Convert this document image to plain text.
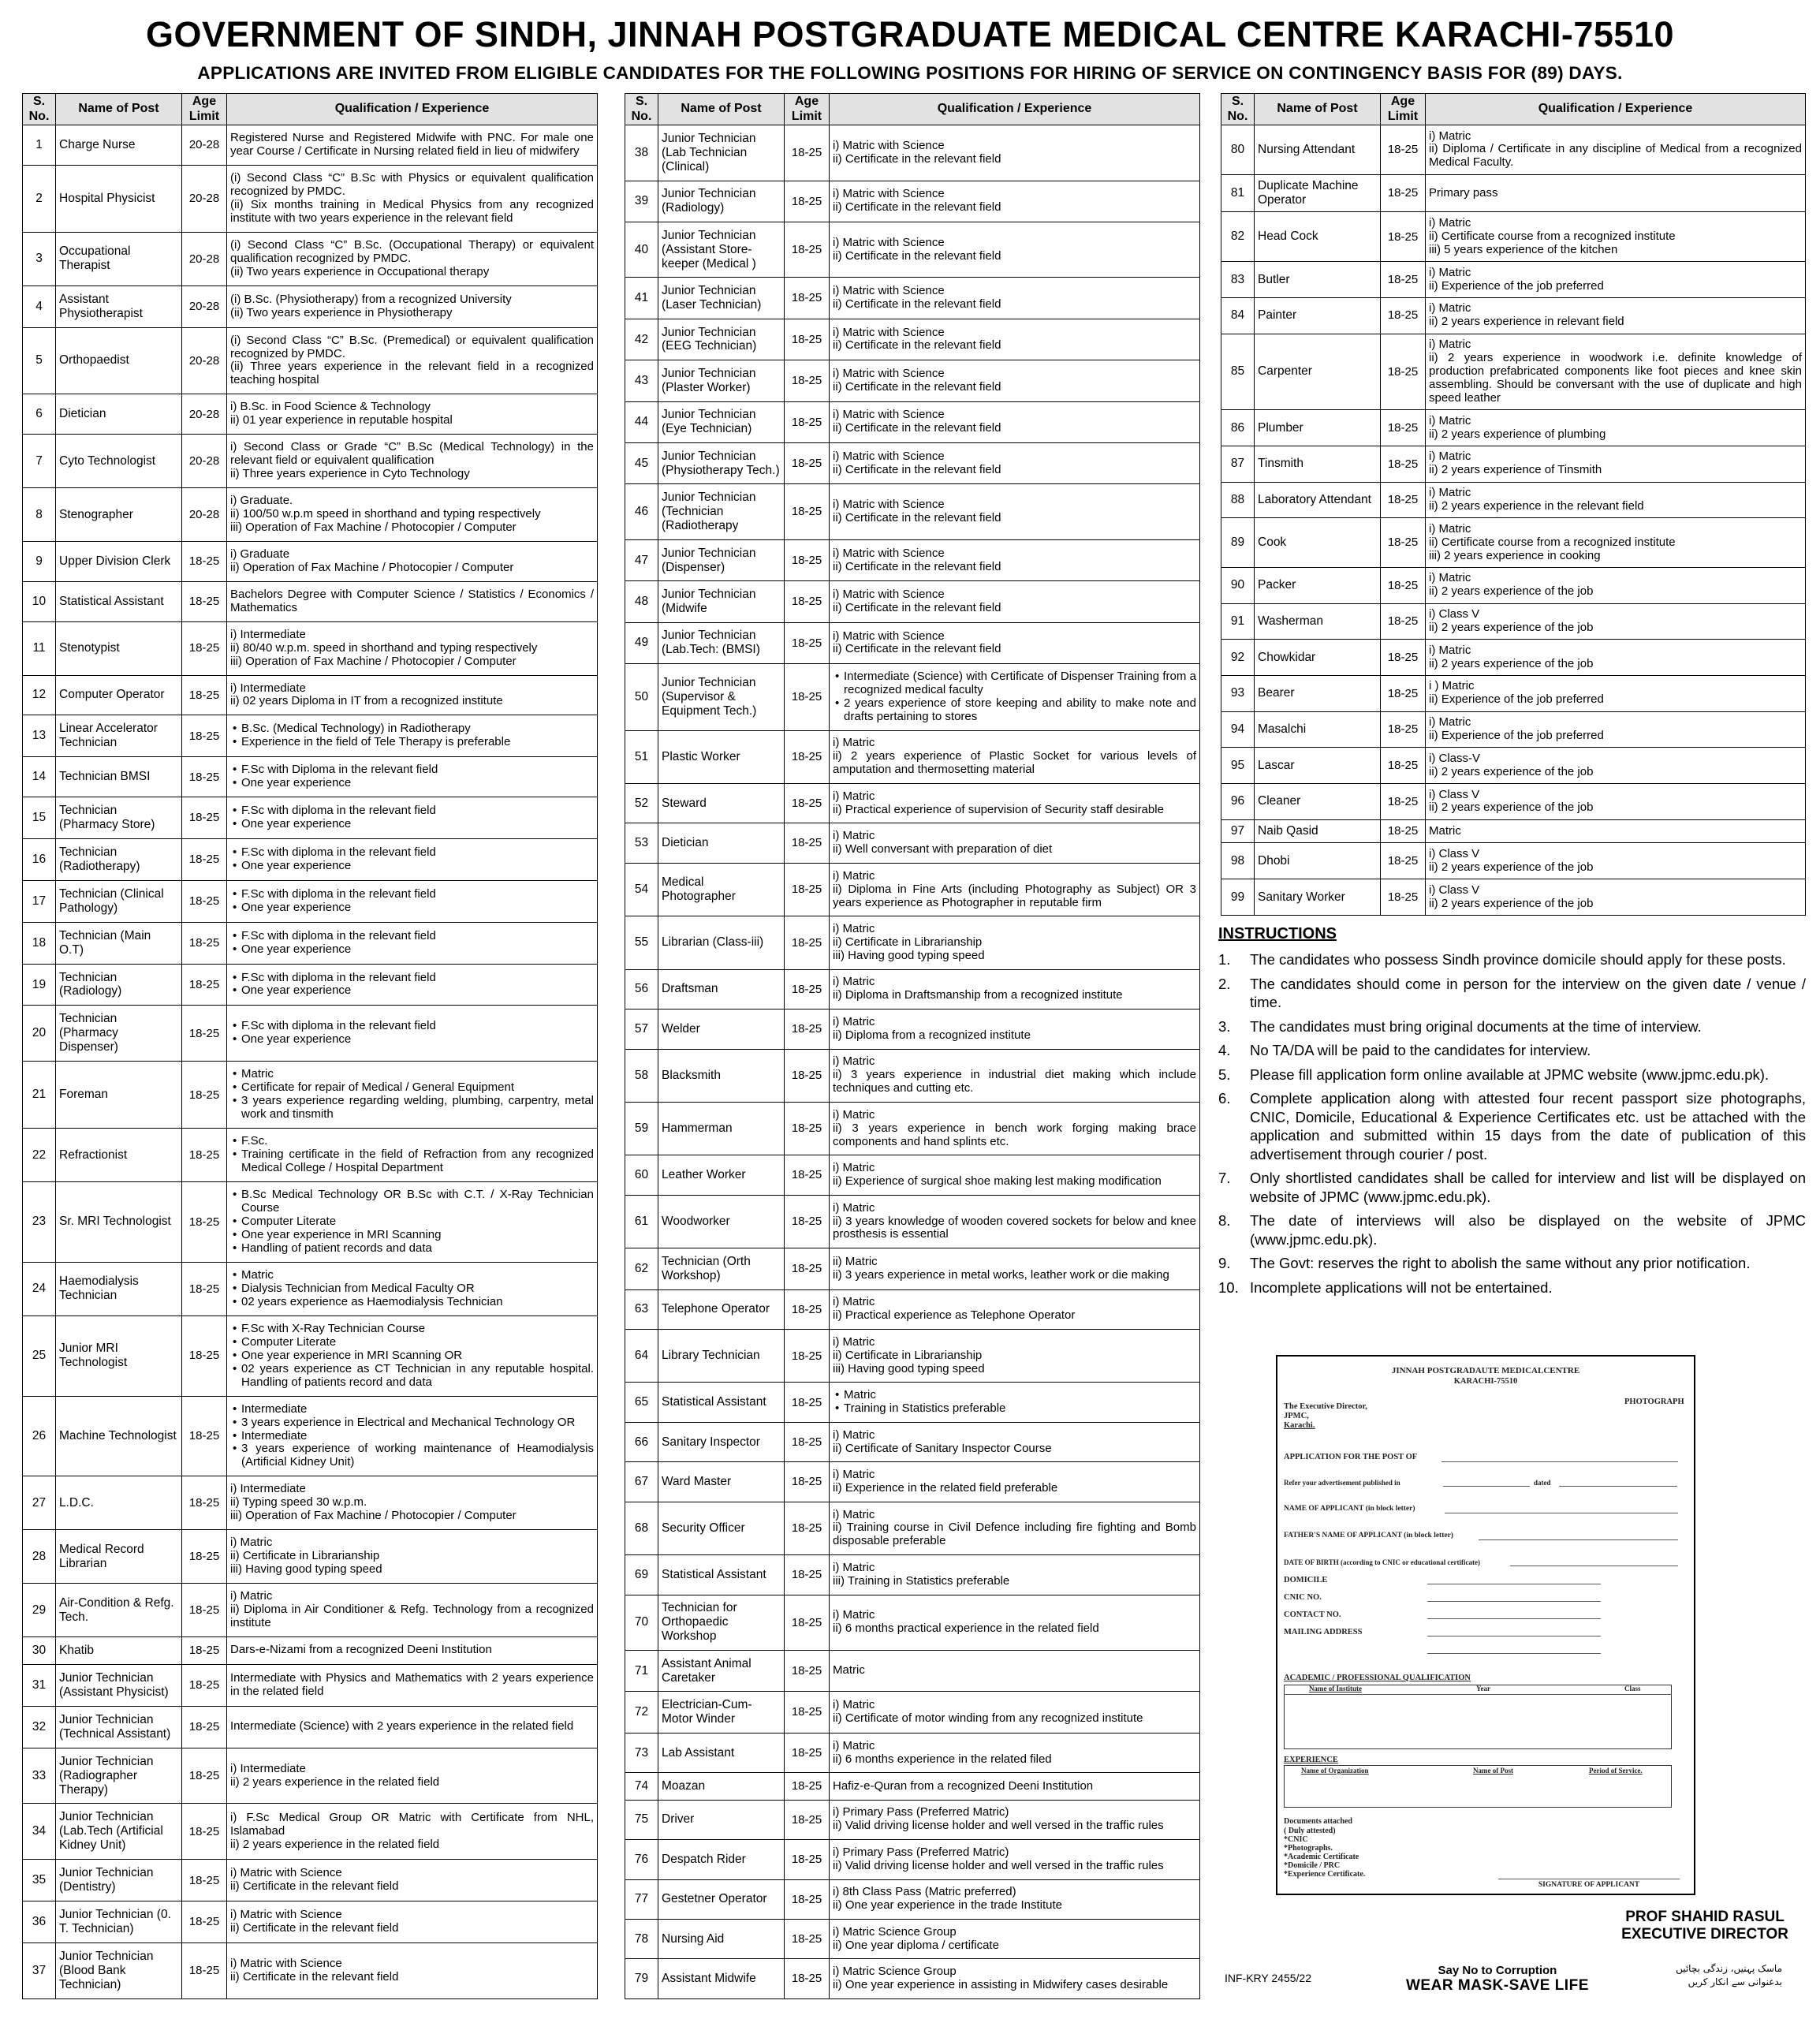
GOVERNMENT OF SINDH, JINNAH POSTGRADUATE MEDICAL CENTRE KARACHI-75510
APPLICATIONS ARE INVITED FROM ELIGIBLE CANDIDATES FOR THE FOLLOWING POSITIONS FOR HIRING OF SERVICE ON CONTINGENCY BASIS FOR (89) DAYS.
S. No.	Name of Post	Age Limit	Qualification / Experience
1	Charge Nurse	20-28	Registered Nurse and Registered Midwife with PNC. For male one year Course / Certificate in Nursing related field in lieu of midwifery

2	Hospital Physicist	20-28	(i) Second Class “C” B.Sc with Physics or equivalent qualification recognized by PMDC.
(ii) Six months training in Medical Physics from any recognized institute with two years experience in the relevant field

3	Occupational Therapist	20-28	(i) Second Class “C” B.Sc. (Occupational Therapy) or equivalent qualification recognized by PMDC.
(ii) Two years experience in Occupational therapy

4	Assistant Physiotherapist	20-28	(i) B.Sc. (Physiotherapy) from a recognized University
(ii) Two years experience in Physiotherapy

5	Orthopaedist	20-28	(i) Second Class “C” B.Sc. (Premedical) or equivalent qualification recognized by PMDC.
(ii) Three years experience in the relevant field in a recognized teaching hospital

6	Dietician	20-28	i) B.Sc. in Food Science & Technology
ii) 01 year experience in reputable hospital

7	Cyto Technologist	20-28	i) Second Class or Grade “C” B.Sc (Medical Technology) in the relevant field or equivalent qualification
ii) Three years experience in Cyto Technology

8	Stenographer	20-28	i) Graduate.
ii) 100/50 w.p.m speed in shorthand and typing respectively
iii) Operation of Fax Machine / Photocopier / Computer

9	Upper Division Clerk	18-25	i) Graduate
ii) Operation of Fax Machine / Photocopier / Computer

10	Statistical Assistant	18-25	Bachelors Degree with Computer Science / Statistics / Economics / Mathematics

11	Stenotypist	18-25	i) Intermediate
ii) 80/40 w.p.m. speed in shorthand and typing respectively
iii) Operation of Fax Machine / Photocopier / Computer

12	Computer Operator	18-25	i) Intermediate
ii) 02 years Diploma in IT from a recognized institute

13	Linear Accelerator Technician	18-25	• B.Sc. (Medical Technology) in Radiotherapy
• Experience in the field of Tele Therapy is preferable

14	Technician BMSI	18-25	• F.Sc with Diploma in the relevant field
• One year experience

15	Technician (Pharmacy Store)	18-25	• F.Sc with diploma in the relevant field
• One year experience

16	Technician (Radiotherapy)	18-25	• F.Sc with diploma in the relevant field
• One year experience

17	Technician (Clinical Pathology)	18-25	• F.Sc with diploma in the relevant field
• One year experience

18	Technician (Main O.T)	18-25	• F.Sc with diploma in the relevant field
• One year experience

19	Technician (Radiology)	18-25	• F.Sc with diploma in the relevant field
• One year experience

20	Technician (Pharmacy Dispenser)	18-25	• F.Sc with diploma in the relevant field
• One year experience

21	Foreman	18-25	• Matric
• Certificate for repair of Medical / General Equipment
• 3 years experience regarding welding, plumbing, carpentry, metal work and tinsmith

22	Refractionist	18-25	• F.Sc.
• Training certificate in the field of Refraction from any recognized Medical College / Hospital Department

23	Sr. MRI Technologist	18-25	• B.Sc Medical Technology OR B.Sc with C.T. / X-Ray Technician Course
• Computer Literate
• One year experience in MRI Scanning
• Handling of patient records and data

24	Haemodialysis Technician	18-25	• Matric
• Dialysis Technician from Medical Faculty OR
• 02 years experience as Haemodialysis Technician

25	Junior MRI Technologist	18-25	• F.Sc with X-Ray Technician Course
• Computer Literate
• One year experience in MRI Scanning OR
• 02 years experience as CT Technician in any reputable hospital. Handling of patients record and data

26	Machine Technologist	18-25	• Intermediate
• 3 years experience in Electrical and Mechanical Technology OR
• Intermediate
• 3 years experience of working maintenance of Heamodialysis (Artificial Kidney Unit)

27	L.D.C.	18-25	i) Intermediate
ii) Typing speed 30 w.p.m.
iii) Operation of Fax Machine / Photocopier / Computer

28	Medical Record Librarian	18-25	i) Matric
ii) Certificate in Librarianship
iii) Having good typing speed

29	Air-Condition & Refg. Tech.	18-25	i) Matric
ii) Diploma in Air Conditioner & Refg. Technology from a recognized institute

30	Khatib	18-25	Dars-e-Nizami from a recognized Deeni Institution

31	Junior Technician (Assistant Physicist)	18-25	Intermediate with Physics and Mathematics with 2 years experience in the related field

32	Junior Technician (Technical Assistant)	18-25	Intermediate (Science) with 2 years experience in the related field

33	Junior Technician (Radiographer Therapy)	18-25	i) Intermediate
ii) 2 years experience in the related field

34	Junior Technician (Lab.Tech (Artificial Kidney Unit)	18-25	i) F.Sc Medical Group OR Matric with Certificate from NHL, Islamabad
ii) 2 years experience in the related field

35	Junior Technician (Dentistry)	18-25	i) Matric with Science
ii) Certificate in the relevant field

36	Junior Technician (0. T. Technician)	18-25	i) Matric with Science
ii) Certificate in the relevant field

37	Junior Technician (Blood Bank Technician)	18-25	i) Matric with Science
ii) Certificate in the relevant field
S. No.	Name of Post	Age Limit	Qualification / Experience
38	Junior Technician (Lab Technician (Clinical)	18-25	i) Matric with Science
ii) Certificate in the relevant field

39	Junior Technician (Radiology)	18-25	i) Matric with Science
ii) Certificate in the relevant field

40	Junior Technician (Assistant Store-keeper (Medical )	18-25	i) Matric with Science
ii) Certificate in the relevant field

41	Junior Technician (Laser Technician)	18-25	i) Matric with Science
ii) Certificate in the relevant field

42	Junior Technician (EEG Technician)	18-25	i) Matric with Science
ii) Certificate in the relevant field

43	Junior Technician (Plaster Worker)	18-25	i) Matric with Science
ii) Certificate in the relevant field

44	Junior Technician (Eye Technician)	18-25	i) Matric with Science
ii) Certificate in the relevant field

45	Junior Technician (Physiotherapy Tech.)	18-25	i) Matric with Science
ii) Certificate in the relevant field

46	Junior Technician (Technician (Radiotherapy	18-25	i) Matric with Science
ii) Certificate in the relevant field

47	Junior Technician (Dispenser)	18-25	i) Matric with Science
ii) Certificate in the relevant field

48	Junior Technician (Midwife	18-25	i) Matric with Science
ii) Certificate in the relevant field

49	Junior Technician (Lab.Tech: (BMSI)	18-25	i) Matric with Science
ii) Certificate in the relevant field

50	Junior Technician (Supervisor & Equipment Tech.)	18-25	• Intermediate (Science) with Certificate of Dispenser Training from a recognized medical faculty
• 2 years experience of store keeping and ability to make note and drafts pertaining to stores

51	Plastic Worker	18-25	i) Matric
ii) 2 years experience of Plastic Socket for various levels of amputation and thermosetting material

52	Steward	18-25	i) Matric
ii) Practical experience of supervision of Security staff desirable

53	Dietician	18-25	i) Matric
ii) Well conversant with preparation of diet

54	Medical Photographer	18-25	i) Matric
ii) Diploma in Fine Arts (including Photography as Subject) OR 3 years experience as Photographer in reputable firm

55	Librarian (Class-iii)	18-25	i) Matric
ii) Certificate in Librarianship
iii) Having good typing speed

56	Draftsman	18-25	i) Matric
ii) Diploma in Draftsmanship from a recognized institute

57	Welder	18-25	i) Matric
ii) Diploma from a recognized institute

58	Blacksmith	18-25	i) Matric
ii) 3 years experience in industrial diet making which include techniques and cutting etc.

59	Hammerman	18-25	i) Matric
ii) 3 years experience in bench work forging making brace components and hand splints etc.

60	Leather Worker	18-25	i) Matric
ii) Experience of surgical shoe making lest making modification

61	Woodworker	18-25	i) Matric
ii) 3 years knowledge of wooden covered sockets for below and knee prosthesis is essential

62	Technician (Orth Workshop)	18-25	ii) Matric
ii) 3 years experience in metal works, leather work or die making

63	Telephone Operator	18-25	i) Matric
ii) Practical experience as Telephone Operator

64	Library Technician	18-25	i) Matric
ii) Certificate in Librarianship
iii) Having good typing speed

65	Statistical Assistant	18-25	• Matric
• Training in Statistics preferable

66	Sanitary Inspector	18-25	i) Matric
ii) Certificate of Sanitary Inspector Course

67	Ward Master	18-25	i) Matric
ii) Experience in the related field preferable

68	Security Officer	18-25	i) Matric
ii) Training course in Civil Defence including fire fighting and Bomb disposable preferable

69	Statistical Assistant	18-25	i) Matric
iii) Training in Statistics preferable

70	Technician for Orthopaedic Workshop	18-25	i) Matric
ii) 6 months practical experience in the related field

71	Assistant Animal Caretaker	18-25	Matric

72	Electrician-Cum-Motor Winder	18-25	i) Matric
ii) Certificate of motor winding from any recognized institute

73	Lab Assistant	18-25	i) Matric
ii) 6 months experience in the related filed

74	Moazan	18-25	Hafiz-e-Quran from a recognized Deeni Institution

75	Driver	18-25	i) Primary Pass (Preferred Matric)
ii) Valid driving license holder and well versed in the traffic rules

76	Despatch Rider	18-25	i) Primary Pass (Preferred Matric)
ii) Valid driving license holder and well versed in the traffic rules

77	Gestetner Operator	18-25	i) 8th Class Pass (Matric preferred)
ii) One year experience in the trade Institute

78	Nursing Aid	18-25	i) Matric Science Group
ii) One year diploma / certificate

79	Assistant Midwife	18-25	i) Matric Science Group
ii) One year experience in assisting in Midwifery cases desirable
S. No.	Name of Post	Age Limit	Qualification / Experience
80	Nursing Attendant	18-25	i) Matric
ii) Diploma / Certificate in any discipline of Medical from a recognized Medical Faculty.

81	Duplicate Machine Operator	18-25	Primary pass

82	Head Cock	18-25	i) Matric
ii) Certificate course from a recognized institute
iii) 5 years experience of the kitchen

83	Butler	18-25	i) Matric
ii) Experience of the job preferred

84	Painter	18-25	i) Matric
ii) 2 years experience in relevant field

85	Carpenter	18-25	i) Matric
ii) 2 years experience in woodwork i.e. definite knowledge of production prefabricated components like foot pieces and knee skin assembling. Should be conversant with the use of duplicate and high speed leather

86	Plumber	18-25	i) Matric
ii) 2 years experience of plumbing

87	Tinsmith	18-25	i) Matric
ii) 2 years experience of Tinsmith

88	Laboratory Attendant	18-25	i) Matric
ii) 2 years experience in the relevant field

89	Cook	18-25	i) Matric
ii) Certificate course from a recognized institute
iii) 2 years experience in cooking

90	Packer	18-25	i) Matric
ii) 2 years experience of the job

91	Washerman	18-25	i) Class V
ii) 2 years experience of the job

92	Chowkidar	18-25	i) Matric
ii) 2 years experience of the job

93	Bearer	18-25	i ) Matric
ii) Experience of the job preferred

94	Masalchi	18-25	i) Matric
ii) Experience of the job preferred

95	Lascar	18-25	i) Class-V
ii) 2 years experience of the job

96	Cleaner	18-25	i) Class V
ii) 2 years experience of the job

97	Naib Qasid	18-25	Matric

98	Dhobi	18-25	i) Class V
ii) 2 years experience of the job

99	Sanitary Worker	18-25	i) Class V
ii) 2 years experience of the job
INSTRUCTIONS
1.	The candidates who possess Sindh province domicile should apply for these posts.
2.	The candidates should come in person for the interview on the given date / venue / time.
3.	The candidates must bring original documents at the time of interview.
4.	No TA/DA will be paid to the candidates for interview.
5.	Please fill application form online available at JPMC website (www.jpmc.edu.pk).
6.	Complete application along with attested four recent passport size photographs, CNIC, Domicile, Educational & Experience Certificates etc. ust be attached with the application and submitted within 15 days from the date of publication of this advertisement through courier / post.
7.	Only shortlisted candidates shall be called for interview and list will be displayed on website of JPMC (www.jpmc.edu.pk).
8.	The date of interviews will also be displayed on the website of JPMC (www.jpmc.edu.pk).
9.	The Govt: reserves the right to abolish the same without any prior notification.
10. Incomplete applications will not be entertained.
JINNAH POSTGRADAUTE MEDICALCENTRE
KARACHI-75510
The Executive Director,
JPMC,
Karachi.
PHOTOGRAPH
APPLICATION FOR THE POST OF
Refer your advertisement published in	dated
NAME OF APPLICANT (in block letter)
FATHER'S NAME OF APPLICANT (in block letter)
DATE OF BIRTH (according to CNIC or educational certificate)
DOMICILE
CNIC NO.
CONTACT NO.
MAILING ADDRESS
ACADEMIC / PROFESSIONAL QUALIFICATION
Name of Institute	Year	Class
EXPERIENCE
Name of Organization	Name of Post	Period of Service.
Documents attached
( Duly attested)
*CNIC
*Photographs.
*Academic Certificate
*Domicile / PRC
*Experience Certificate.
SIGNATURE OF APPLICANT
PROF SHAHID RASUL
EXECUTIVE DIRECTOR
INF-KRY 2455/22
Say No to Corruption
WEAR MASK-SAVE LIFE
ماسک پہنیں، زندگی بچائیں
بدعنوانی سے انکار کریں
